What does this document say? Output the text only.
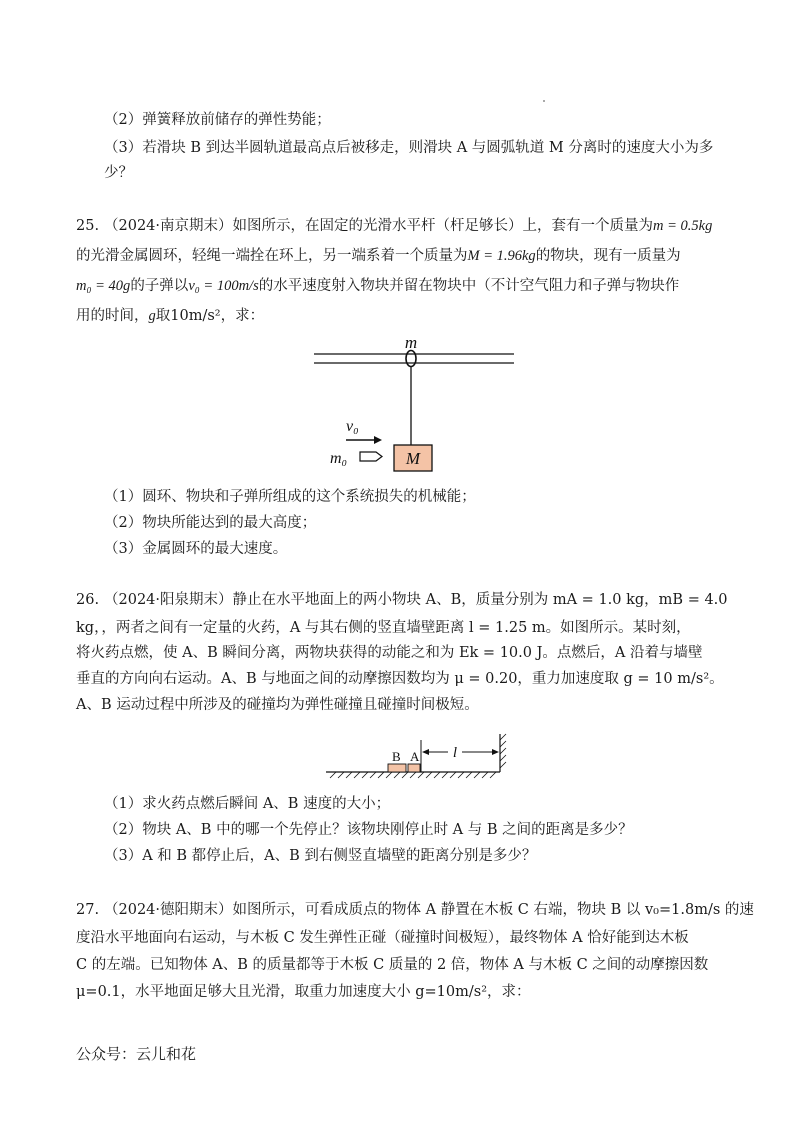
（2）弹簧释放前储存的弹性势能；
（3）若滑块 B 到达半圆轨道最高点后被移走，则滑块 A 与圆弧轨道 M 分离时的速度大小为多
少？
25. （2024·南京期末）如图所示，在固定的光滑水平杆（杆足够长）上，套有一个质量为m = 0.5kg
的光滑金属圆环，轻绳一端拴在环上，另一端系着一个质量为M = 1.96kg的物块，现有一质量为
m₀ = 40g的子弹以v₀ = 100m/s的水平速度射入物块并留在物块中（不计空气阻力和子弹与物块作
用的时间，g取10m/s²，求：
M
m
v₀
m₀
（1）圆环、物块和子弹所组成的这个系统损失的机械能；
（2）物块所能达到的最大高度；
（3）金属圆环的最大速度。
26. （2024·阳泉期末）静止在水平地面上的两小物块 A、B，质量分别为 mA = 1.0 kg，mB = 4.0
kg，，两者之间有一定量的火药，A 与其右侧的竖直墙壁距离 l = 1.25 m。如图所示。某时刻，
将火药点燃，使 A、B 瞬间分离，两物块获得的动能之和为 Ek = 10.0 J。点燃后，A 沿着与墙壁
垂直的方向向右运动。A、B 与地面之间的动摩擦因数均为 μ = 0.20，重力加速度取 g = 10 m/s²。
A、B 运动过程中所涉及的碰撞均为弹性碰撞且碰撞时间极短。
B A l
（1）求火药点燃后瞬间 A、B 速度的大小；
（2）物块 A、B 中的哪一个先停止？该物块刚停止时 A 与 B 之间的距离是多少？
（3）A 和 B 都停止后，A、B 到右侧竖直墙壁的距离分别是多少？
27. （2024·德阳期末）如图所示，可看成质点的物体 A 静置在木板 C 右端，物块 B 以 v₀=1.8m/s 的速
度沿水平地面向右运动，与木板 C 发生弹性正碰（碰撞时间极短），最终物体 A 恰好能到达木板
C 的左端。已知物体 A、B 的质量都等于木板 C 质量的 2 倍，物体 A 与木板 C 之间的动摩擦因数
μ=0.1，水平地面足够大且光滑，取重力加速度大小 g=10m/s²，求：
公众号：云儿和花
